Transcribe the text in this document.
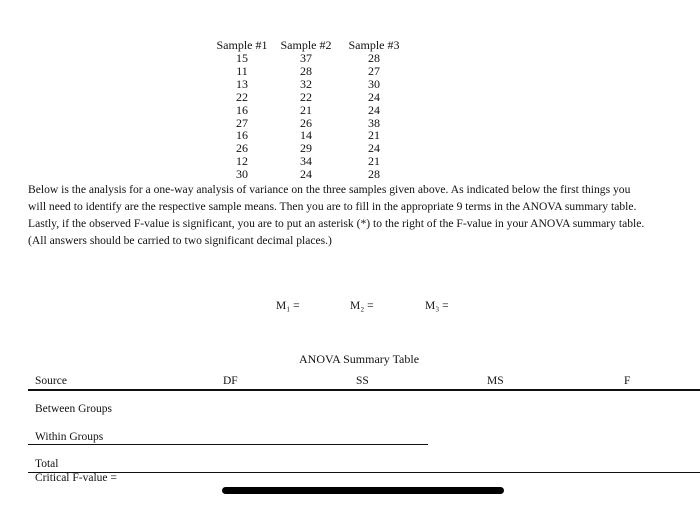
Sample #1	Sample #2	Sample #3
15	37	28
11	28	27
13	32	30
22	22	24
16	21	24
27	26	38
16	14	21
26	29	24
12	34	21
30	24	28
Below is the analysis for a one-way analysis of variance on the three samples given above. As indicated below the first things you
will need to identify are the respective sample means. Then you are to fill in the appropriate 9 terms in the ANOVA summary table.
Lastly, if the observed F-value is significant, you are to put an asterisk (*) to the right of the F-value in your ANOVA summary table.
(All answers should be carried to two significant decimal places.)
M₁ =	M₂ =	M₃ =
ANOVA Summary Table
Source	DF	SS	MS	F
Between Groups
Within Groups
Total
Critical F-value =
